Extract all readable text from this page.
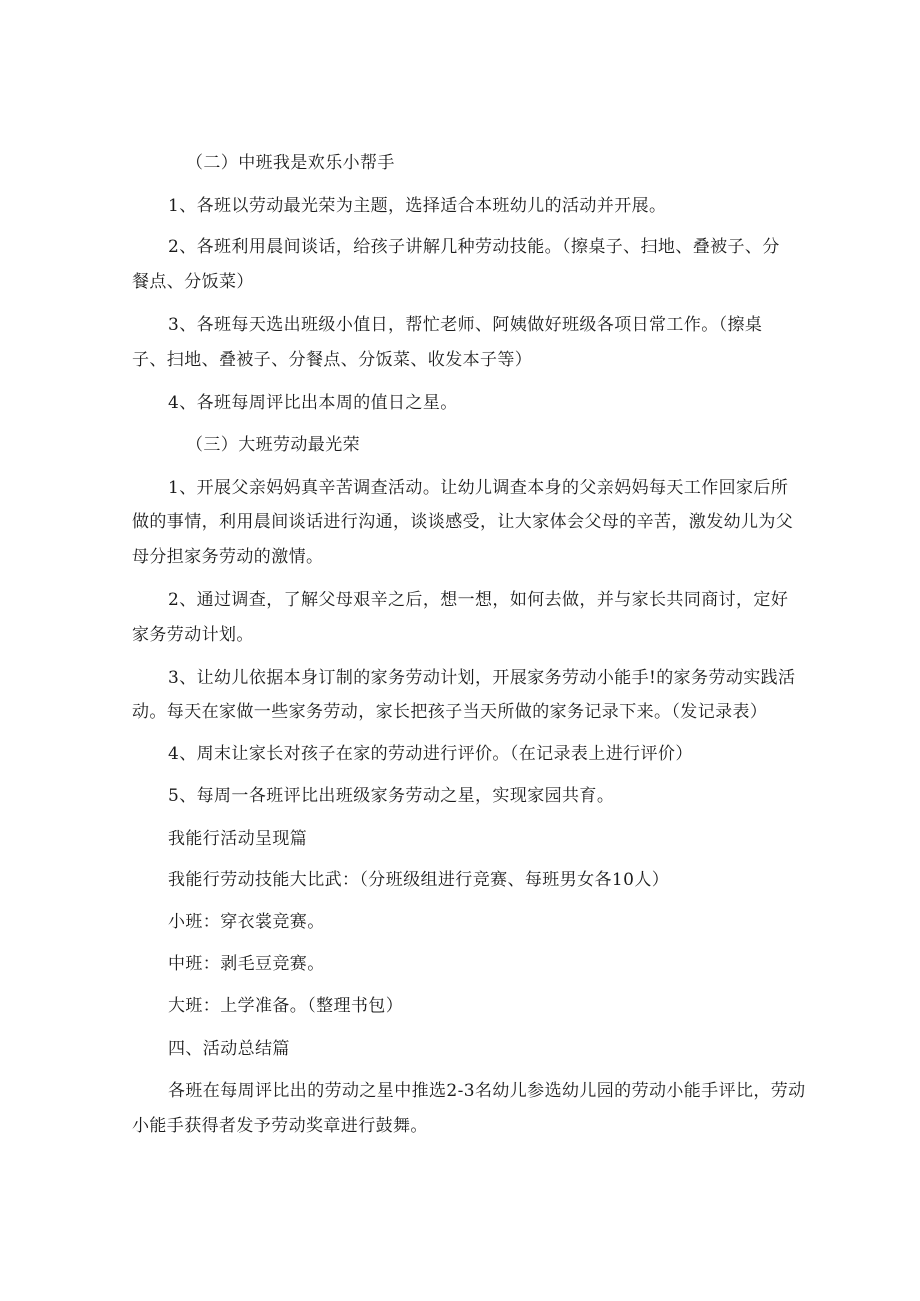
（二）中班我是欢乐小帮手
1、各班以劳动最光荣为主题，选择适合本班幼儿的活动并开展。
2、各班利用晨间谈话，给孩子讲解几种劳动技能。（擦桌子、扫地、叠被子、分
餐点、分饭菜）
3、各班每天选出班级小值日，帮忙老师、阿姨做好班级各项日常工作。（擦桌
子、扫地、叠被子、分餐点、分饭菜、收发本子等）
4、各班每周评比出本周的值日之星。
（三）大班劳动最光荣
1、开展父亲妈妈真辛苦调查活动。让幼儿调查本身的父亲妈妈每天工作回家后所
做的事情，利用晨间谈话进行沟通，谈谈感受，让大家体会父母的辛苦，激发幼儿为父
母分担家务劳动的激情。
2、通过调查，了解父母艰辛之后，想一想，如何去做，并与家长共同商讨，定好
家务劳动计划。
3、让幼儿依据本身订制的家务劳动计划，开展家务劳动小能手!的家务劳动实践活
动。每天在家做一些家务劳动，家长把孩子当天所做的家务记录下来。（发记录表）
4、周末让家长对孩子在家的劳动进行评价。（在记录表上进行评价）
5、每周一各班评比出班级家务劳动之星，实现家园共育。
我能行活动呈现篇
我能行劳动技能大比武：（分班级组进行竞赛、每班男女各10人）
小班：穿衣裳竞赛。
中班：剥毛豆竞赛。
大班：上学准备。（整理书包）
四、活动总结篇
各班在每周评比出的劳动之星中推选2-3名幼儿参选幼儿园的劳动小能手评比，劳动
小能手获得者发予劳动奖章进行鼓舞。
